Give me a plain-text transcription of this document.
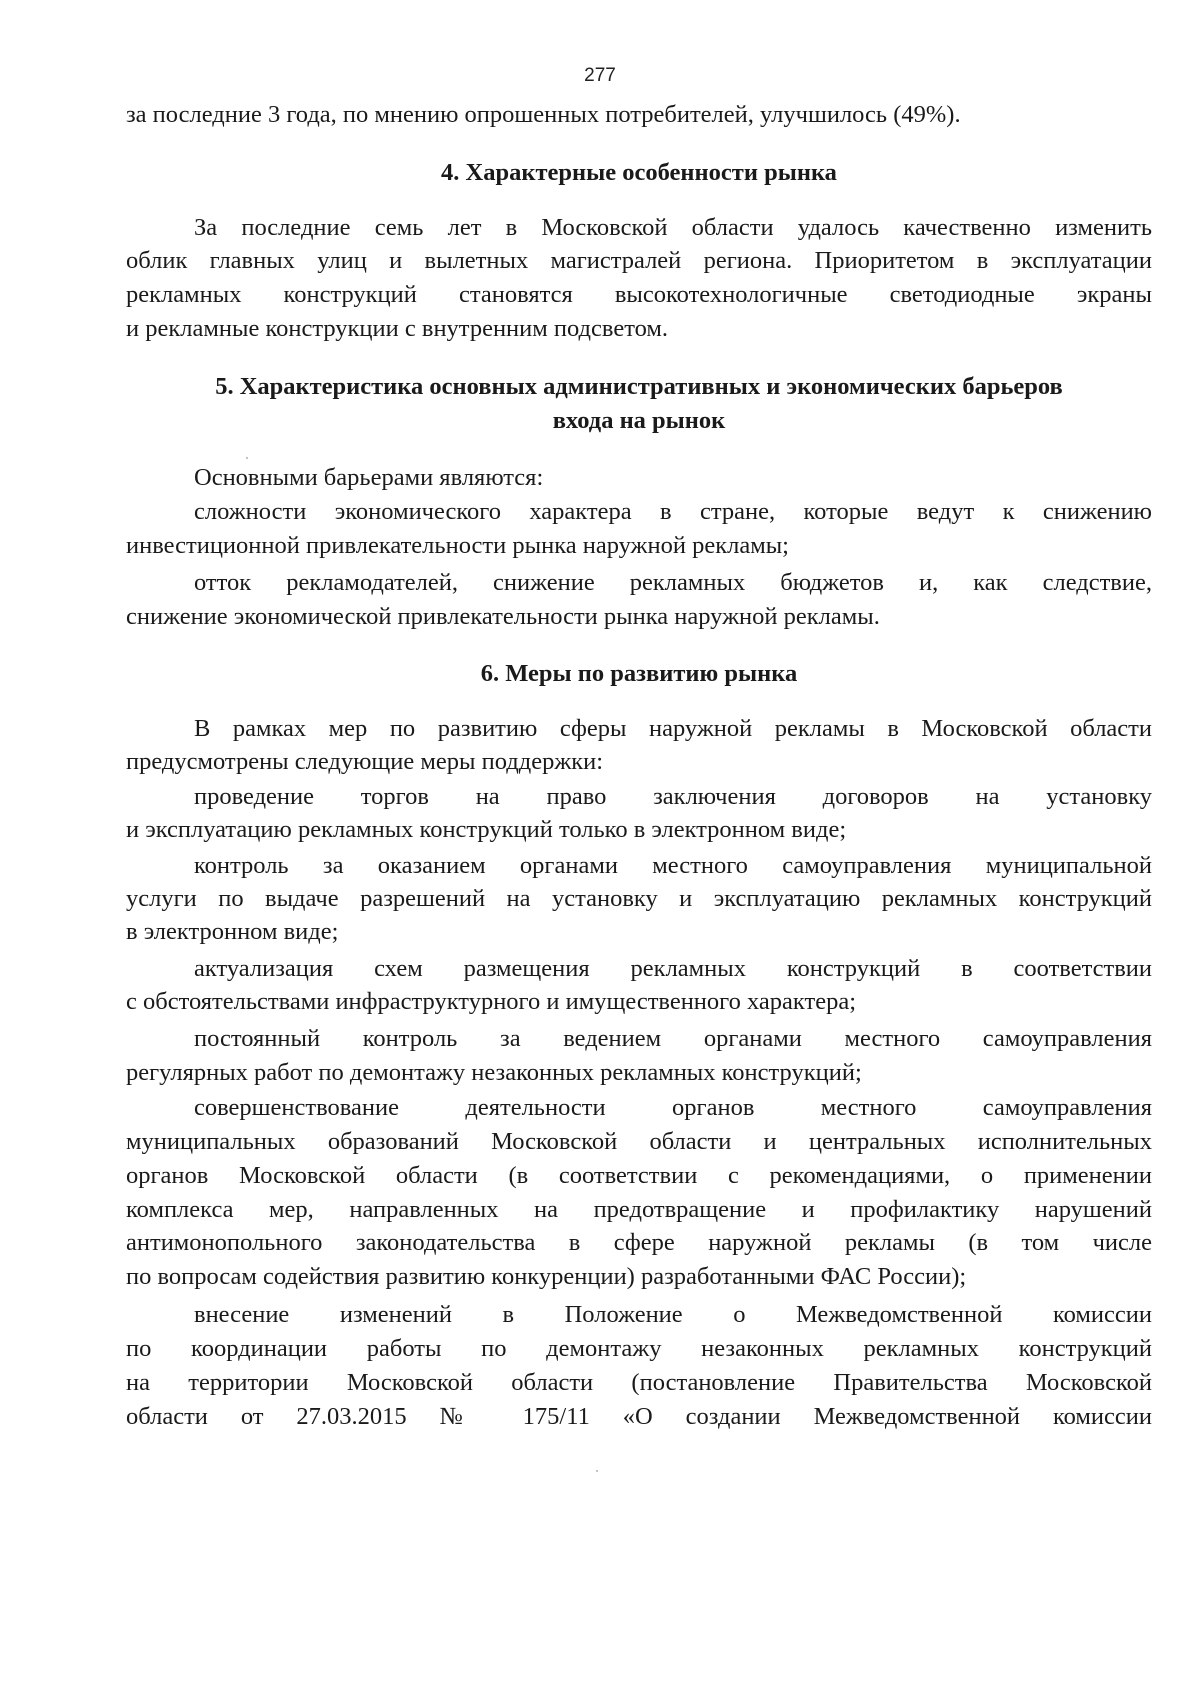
277
за последние 3 года, по мнению опрошенных потребителей, улучшилось (49%).
4. Характерные особенности рынка
За последние семь лет в Московской области удалось качественно изменить
облик главных улиц и вылетных магистралей региона. Приоритетом в эксплуатации
рекламных конструкций становятся высокотехнологичные светодиодные экраны
и рекламные конструкции с внутренним подсветом.
5. Характеристика основных административных и экономических барьеров
входа на рынок
Основными барьерами являются:
сложности экономического характера в стране, которые ведут к снижению
инвестиционной привлекательности рынка наружной рекламы;
отток рекламодателей, снижение рекламных бюджетов и, как следствие,
снижение экономической привлекательности рынка наружной рекламы.
6. Меры по развитию рынка
В рамках мер по развитию сферы наружной рекламы в Московской области
предусмотрены следующие меры поддержки:
проведение торгов на право заключения договоров на установку
и эксплуатацию рекламных конструкций только в электронном виде;
контроль за оказанием органами местного самоуправления муниципальной
услуги по выдаче разрешений на установку и эксплуатацию рекламных конструкций
в электронном виде;
актуализация схем размещения рекламных конструкций в соответствии
с обстоятельствами инфраструктурного и имущественного характера;
постоянный контроль за ведением органами местного самоуправления
регулярных работ по демонтажу незаконных рекламных конструкций;
совершенствование деятельности органов местного самоуправления
муниципальных образований Московской области и центральных исполнительных
органов Московской области (в соответствии с рекомендациями, о применении
комплекса мер, направленных на предотвращение и профилактику нарушений
антимонопольного законодательства в сфере наружной рекламы (в том числе
по вопросам содействия развитию конкуренции) разработанными ФАС России);
внесение изменений в Положение о Межведомственной комиссии
по координации работы по демонтажу незаконных рекламных конструкций
на территории Московской области (постановление Правительства Московской
области от 27.03.2015 № 175/11 «О создании Межведомственной комиссии
